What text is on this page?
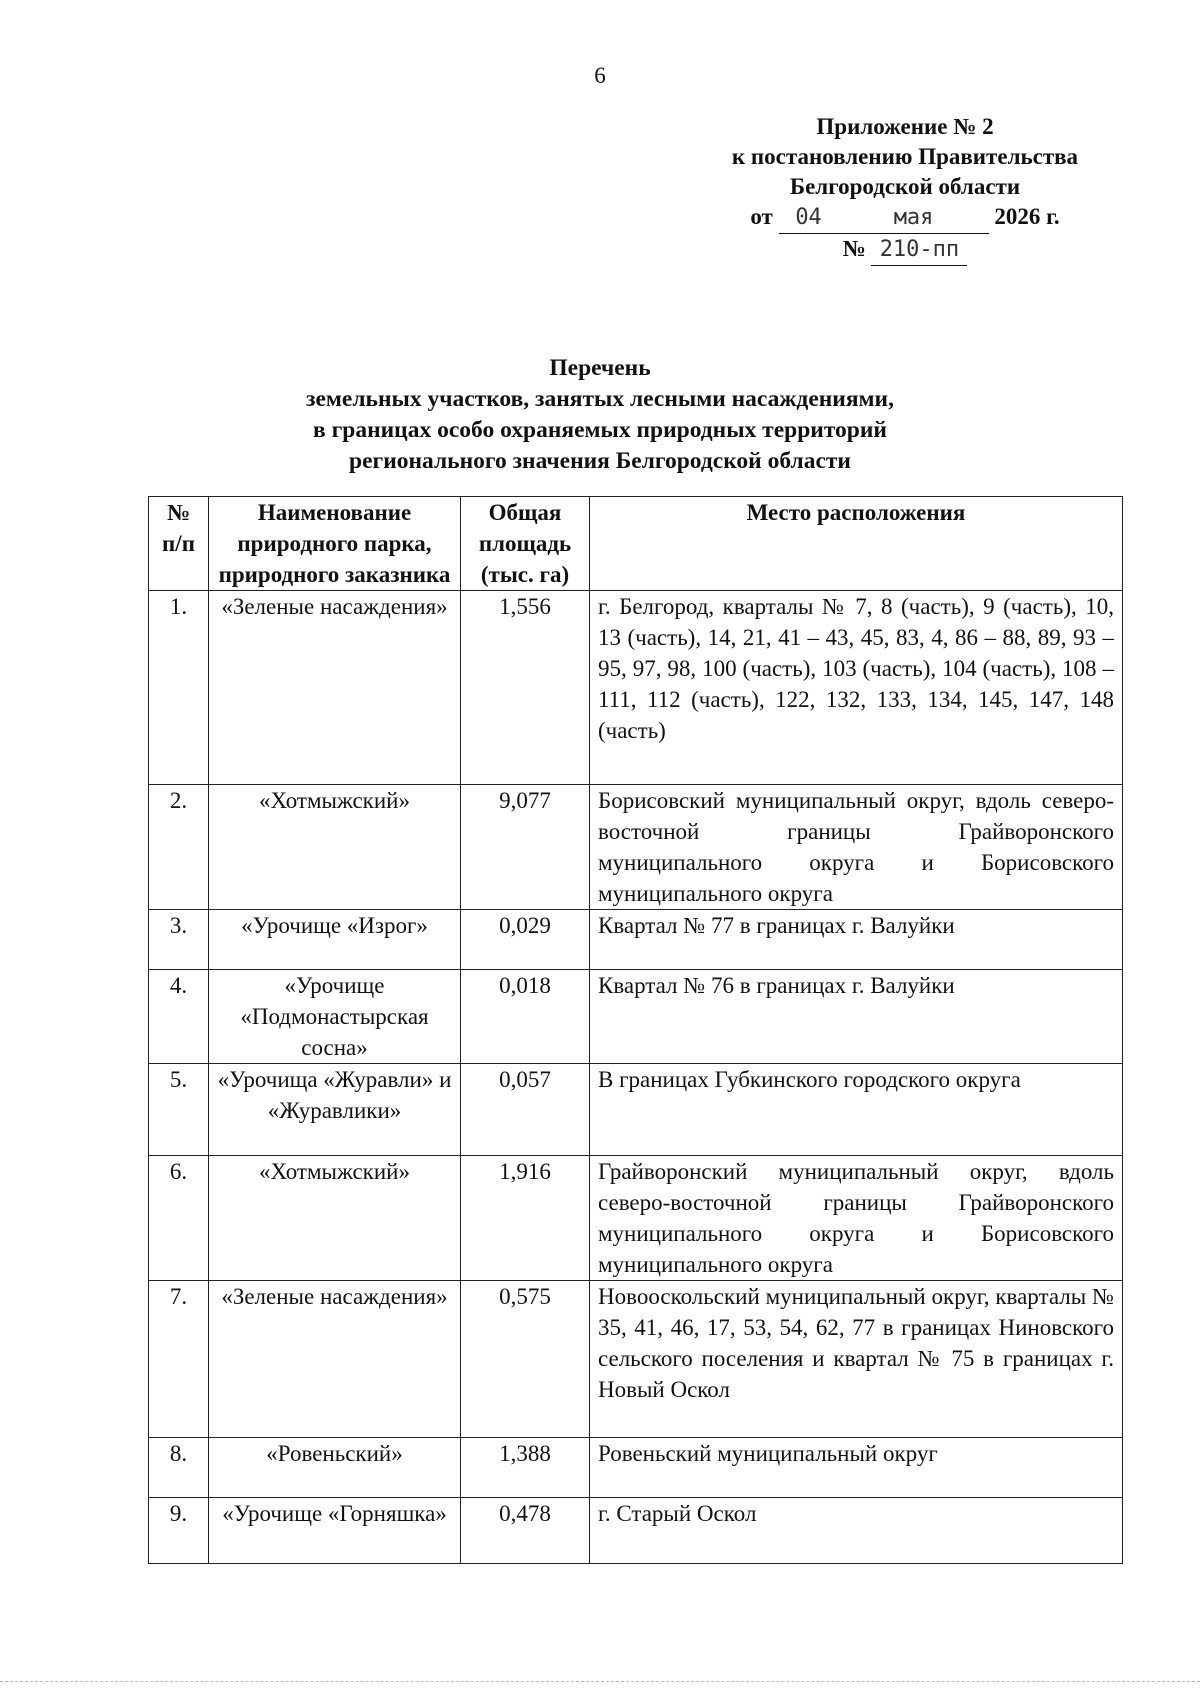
6
Приложение № 2
к постановлению Правительства
Белгородской области
от 04	мая	2026 г.
№ 210-пп
Перечень
земельных участков, занятых лесными насаждениями,
в границах особо охраняемых природных территорий
регионального значения Белгородской области
№ п/п	Наименование природного парка, природного заказника	Общая площадь (тыс. га)	Место расположения
1.	«Зеленые насаждения»	1,556	г. Белгород, кварталы № 7, 8 (часть), 9 (часть), 10, 13 (часть), 14, 21, 41 – 43, 45, 83, 4, 86 – 88, 89, 93 – 95, 97, 98, 100 (часть), 103 (часть), 104 (часть), 108 – 111, 112 (часть), 122, 132, 133, 134, 145, 147, 148 (часть)
2.	«Хотмыжский»	9,077	Борисовский муниципальный округ, вдоль северо-восточной границы Грайворонского муниципального округа и Борисовского муниципального округа
3.	«Урочище «Изрог»	0,029	Квартал № 77 в границах г. Валуйки
4.	«Урочище «Подмонастырская сосна»	0,018	Квартал № 76 в границах г. Валуйки
5.	«Урочища «Журавли» и «Журавлики»	0,057	В границах Губкинского городского округа
6.	«Хотмыжский»	1,916	Грайворонский муниципальный округ, вдоль северо-восточной границы Грайворонского муниципального округа и Борисовского муниципального округа
7.	«Зеленые насаждения»	0,575	Новооскольский муниципальный округ, кварталы № 35, 41, 46, 17, 53, 54, 62, 77 в границах Ниновского сельского поселения и квартал № 75 в границах г. Новый Оскол
8.	«Ровеньский»	1,388	Ровеньский муниципальный округ
9.	«Урочище «Горняшка»	0,478	г. Старый Оскол
